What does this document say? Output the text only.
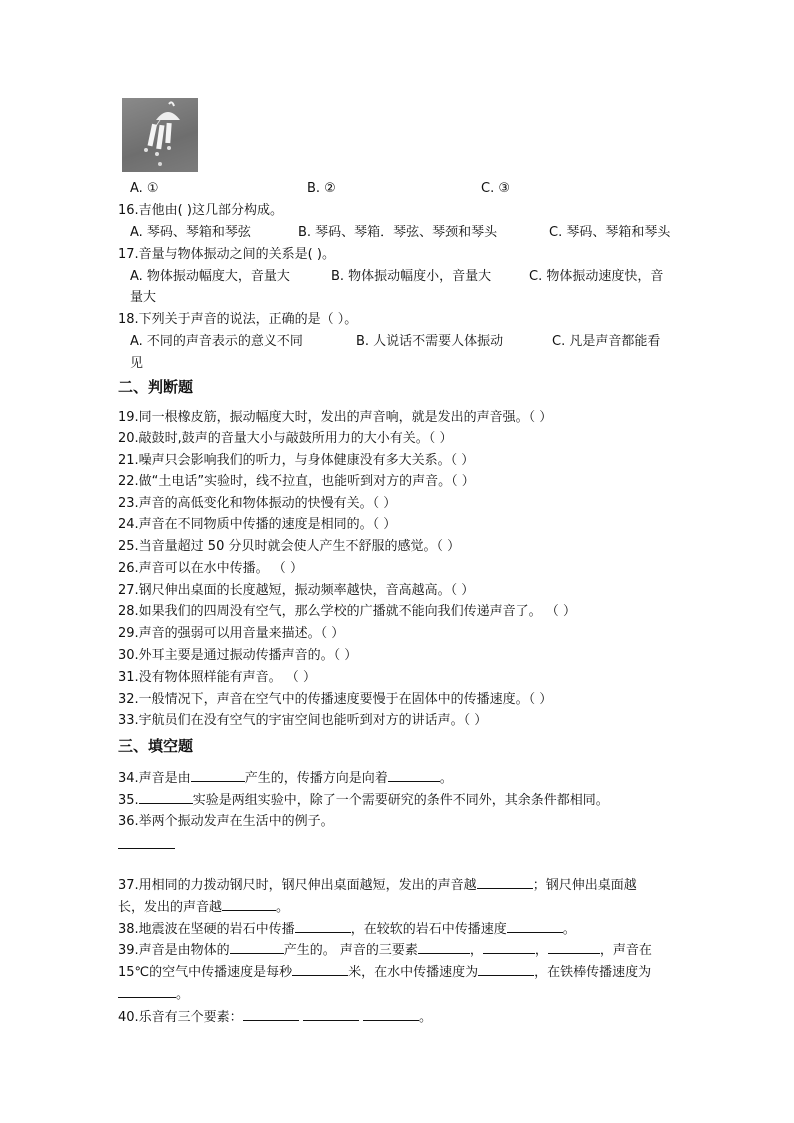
A. ①	B. ②	C. ③
16.吉他由( )这几部分构成。
A. 琴码、琴箱和琴弦	B. 琴码、琴箱．琴弦、琴颈和琴头	C. 琴码、琴箱和琴头
17.音量与物体振动之间的关系是( )。
A. 物体振动幅度大，音量大	B. 物体振动幅度小，音量大	C. 物体振动速度快，音
量大
18.下列关于声音的说法，正确的是（ ）。
A. 不同的声音表示的意义不同	B. 人说话不需要人体振动	C. 凡是声音都能看
见
二、判断题
19.同一根橡皮筋，振动幅度大时，发出的声音响，就是发出的声音强。（ ）
20.敲鼓时,鼓声的音量大小与敲鼓所用力的大小有关。（ ）
21.噪声只会影响我们的听力，与身体健康没有多大关系。（ ）
22.做“土电话”实验时，线不拉直，也能听到对方的声音。（ ）
23.声音的高低变化和物体振动的快慢有关。（ ）
24.声音在不同物质中传播的速度是相同的。（ ）
25.当音量超过 50 分贝时就会使人产生不舒服的感觉。（ ）
26.声音可以在水中传播。 （ ）
27.钢尺伸出桌面的长度越短，振动频率越快，音高越高。（ ）
28.如果我们的四周没有空气，那么学校的广播就不能向我们传递声音了。 （ ）
29.声音的强弱可以用音量来描述。（ ）
30.外耳主要是通过振动传播声音的。（ ）
31.没有物体照样能有声音。 （ ）
32.一般情况下，声音在空气中的传播速度要慢于在固体中的传播速度。（ ）
33.宇航员们在没有空气的宇宙空间也能听到对方的讲话声。（ ）
三、填空题
34.声音是由	产生的，传播方向是向着	。
35.	实验是两组实验中，除了一个需要研究的条件不同外，其余条件都相同。
36.举两个振动发声在生活中的例子。
37.用相同的力拨动钢尺时，钢尺伸出桌面越短，发出的声音越	；钢尺伸出桌面越
长，发出的声音越	。
38.地震波在坚硬的岩石中传播	，在较软的岩石中传播速度	。
39.声音是由物体的	产生的。 声音的三要素	，	，	，声音在
15℃的空气中传播速度是每秒	米，在水中传播速度为	，在铁棒传播速度为
。
40.乐音有三个要素：	。
